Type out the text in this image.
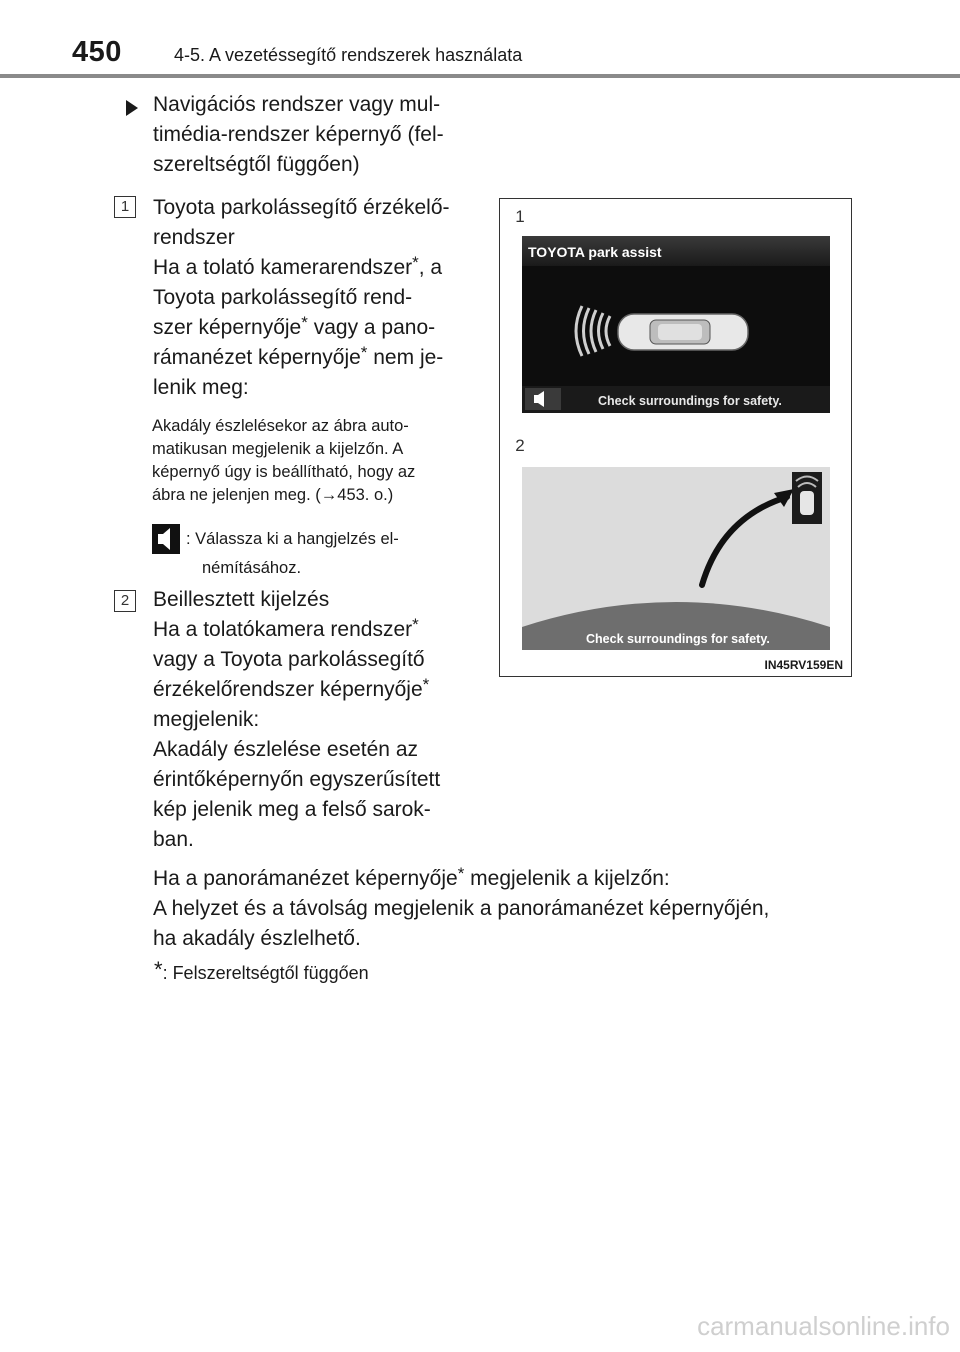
450	4-5. A vezetéssegítő rendszerek használata

Navigációs rendszer vagy mul-

timédia-rendszer képernyő (fel-

szereltségtől függően)

1	Toyota parkolássegítő érzékelő-

rendszer

Ha a tolató kamerarendszer*, a

Toyota parkolássegítő rend-

szer képernyője* vagy a pano-

rámanézet képernyője* nem je-

lenik meg:

Akadály észlelésekor az ábra auto-

matikusan megjelenik a kijelzőn. A

képernyő úgy is beállítható, hogy az

ábra ne jelenjen meg. (→453. o.)

: Válassza ki a hangjelzés el-

némításához.

2	Beillesztett kijelzés

Ha a tolatókamera rendszer*

vagy a Toyota parkolássegítő

érzékelőrendszer képernyője*

megjelenik:

Akadály észlelése esetén az

érintőképernyőn egyszerűsített

kép jelenik meg a felső sarok-

ban.

Ha a panorámanézet képernyője* megjelenik a kijelzőn:

A helyzet és a távolság megjelenik a panorámanézet képernyőjén,

ha akadály észlelhető.

*: Felszereltségtől függően

1
2
TOYOTA park assist
Check surroundings for safety.
Check surroundings for safety.
IN45RV159EN
carmanualsonline.info
